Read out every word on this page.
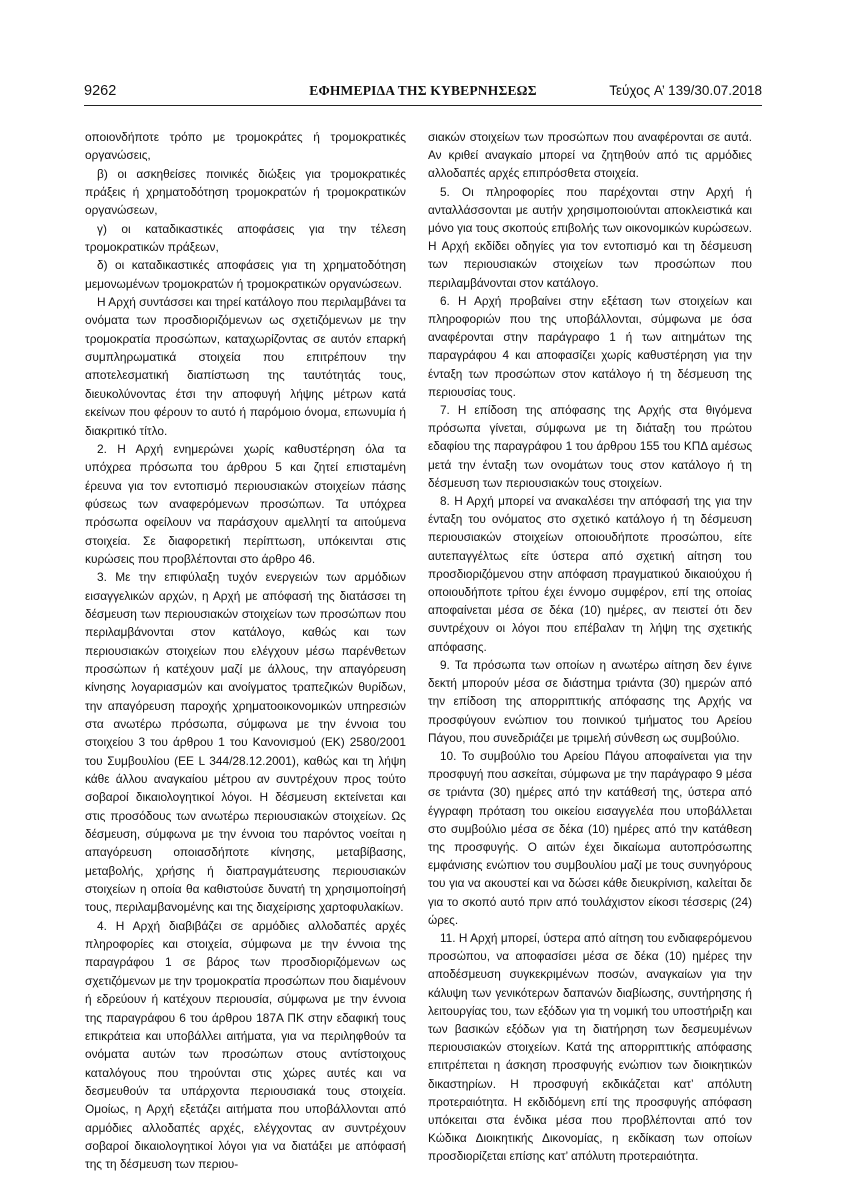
9262	ΕΦΗΜΕΡΙΔΑ ΤΗΣ ΚΥΒΕΡΝΗΣΕΩΣ	Τεύχος A’ 139/30.07.2018

οποιονδήποτε τρόπο με τρομοκράτες ή τρομοκρατικές οργανώσεις,

β) οι ασκηθείσες ποινικές διώξεις για τρομοκρατικές πράξεις ή χρηματοδότηση τρομοκρατών ή τρομοκρατικών οργανώσεων,

γ) οι καταδικαστικές αποφάσεις για την τέλεση τρομοκρατικών πράξεων,

δ) οι καταδικαστικές αποφάσεις για τη χρηματοδότηση μεμονωμένων τρομοκρατών ή τρομοκρατικών οργανώσεων.

Η Αρχή συντάσσει και τηρεί κατάλογο που περιλαμβάνει τα ονόματα των προσδιοριζόμενων ως σχετιζόμενων με την τρομοκρατία προσώπων, καταχωρίζοντας σε αυτόν επαρκή συμπληρωματικά στοιχεία που επιτρέπουν την αποτελεσματική διαπίστωση της ταυτότητάς τους, διευκολύνοντας έτσι την αποφυγή λήψης μέτρων κατά εκείνων που φέρουν το αυτό ή παρόμοιο όνομα, επωνυμία ή διακριτικό τίτλο.

2. Η Αρχή ενημερώνει χωρίς καθυστέρηση όλα τα υπόχρεα πρόσωπα του άρθρου 5 και ζητεί επισταμένη έρευνα για τον εντοπισμό περιουσιακών στοιχείων πάσης φύσεως των αναφερόμενων προσώπων. Τα υπόχρεα πρόσωπα οφείλουν να παράσχουν αμελλητί τα αιτούμενα στοιχεία. Σε διαφορετική περίπτωση, υπόκεινται στις κυρώσεις που προβλέπονται στο άρθρο 46.

3. Με την επιφύλαξη τυχόν ενεργειών των αρμόδιων εισαγγελικών αρχών, η Αρχή με απόφασή της διατάσσει τη δέσμευση των περιουσιακών στοιχείων των προσώπων που περιλαμβάνονται στον κατάλογο, καθώς και των περιουσιακών στοιχείων που ελέγχουν μέσω παρένθετων προσώπων ή κατέχουν μαζί με άλλους, την απαγόρευση κίνησης λογαριασμών και ανοίγματος τραπεζικών θυρίδων, την απαγόρευση παροχής χρηματοοικονομικών υπηρεσιών στα ανωτέρω πρόσωπα, σύμφωνα με την έννοια του στοιχείου 3 του άρθρου 1 του Κανονισμού (ΕΚ) 2580/2001 του Συμβουλίου (ΕΕ L 344/28.12.2001), καθώς και τη λήψη κάθε άλλου αναγκαίου μέτρου αν συντρέχουν προς τούτο σοβαροί δικαιολογητικοί λόγοι. Η δέσμευση εκτείνεται και στις προσόδους των ανωτέρω περιουσιακών στοιχείων. Ως δέσμευση, σύμφωνα με την έννοια του παρόντος νοείται η απαγόρευση οποιασδήποτε κίνησης, μεταβίβασης, μεταβολής, χρήσης ή διαπραγμάτευσης περιουσιακών στοιχείων η οποία θα καθιστούσε δυνατή τη χρησιμοποίησή τους, περιλαμβανομένης και της διαχείρισης χαρτοφυλακίων.

4. Η Αρχή διαβιβάζει σε αρμόδιες αλλοδαπές αρχές πληροφορίες και στοιχεία, σύμφωνα με την έννοια της παραγράφου 1 σε βάρος των προσδιοριζόμενων ως σχετιζόμενων με την τρομοκρατία προσώπων που διαμένουν ή εδρεύουν ή κατέχουν περιουσία, σύμφωνα με την έννοια της παραγράφου 6 του άρθρου 187Α ΠΚ στην εδαφική τους επικράτεια και υποβάλλει αιτήματα, για να περιληφθούν τα ονόματα αυτών των προσώπων στους αντίστοιχους καταλόγους που τηρούνται στις χώρες αυτές και να δεσμευθούν τα υπάρχοντα περιουσιακά τους στοιχεία. Ομοίως, η Αρχή εξετάζει αιτήματα που υποβάλλονται από αρμόδιες αλλοδαπές αρχές, ελέγχοντας αν συντρέχουν σοβαροί δικαιολογητικοί λόγοι για να διατάξει με απόφασή της τη δέσμευση των περιου-

σιακών στοιχείων των προσώπων που αναφέρονται σε αυτά. Αν κριθεί αναγκαίο μπορεί να ζητηθούν από τις αρμόδιες αλλοδαπές αρχές επιπρόσθετα στοιχεία.

5. Οι πληροφορίες που παρέχονται στην Αρχή ή ανταλλάσσονται με αυτήν χρησιμοποιούνται αποκλειστικά και μόνο για τους σκοπούς επιβολής των οικονομικών κυρώσεων. Η Αρχή εκδίδει οδηγίες για τον εντοπισμό και τη δέσμευση των περιουσιακών στοιχείων των προσώπων που περιλαμβάνονται στον κατάλογο.

6. Η Αρχή προβαίνει στην εξέταση των στοιχείων και πληροφοριών που της υποβάλλονται, σύμφωνα με όσα αναφέρονται στην παράγραφο 1 ή των αιτημάτων της παραγράφου 4 και αποφασίζει χωρίς καθυστέρηση για την ένταξη των προσώπων στον κατάλογο ή τη δέσμευση της περιουσίας τους.

7. Η επίδοση της απόφασης της Αρχής στα θιγόμενα πρόσωπα γίνεται, σύμφωνα με τη διάταξη του πρώτου εδαφίου της παραγράφου 1 του άρθρου 155 του ΚΠΔ αμέσως μετά την ένταξη των ονομάτων τους στον κατάλογο ή τη δέσμευση των περιουσιακών τους στοιχείων.

8. Η Αρχή μπορεί να ανακαλέσει την απόφασή της για την ένταξη του ονόματος στο σχετικό κατάλογο ή τη δέσμευση περιουσιακών στοιχείων οποιουδήποτε προσώπου, είτε αυτεπαγγέλτως είτε ύστερα από σχετική αίτηση του προσδιοριζόμενου στην απόφαση πραγματικού δικαιούχου ή οποιουδήποτε τρίτου έχει έννομο συμφέρον, επί της οποίας αποφαίνεται μέσα σε δέκα (10) ημέρες, αν πειστεί ότι δεν συντρέχουν οι λόγοι που επέβαλαν τη λήψη της σχετικής απόφασης.

9. Τα πρόσωπα των οποίων η ανωτέρω αίτηση δεν έγινε δεκτή μπορούν μέσα σε διάστημα τριάντα (30) ημερών από την επίδοση της απορριπτικής απόφασης της Αρχής να προσφύγουν ενώπιον του ποινικού τμήματος του Αρείου Πάγου, που συνεδριάζει με τριμελή σύνθεση ως συμβούλιο.

10. Το συμβούλιο του Αρείου Πάγου αποφαίνεται για την προσφυγή που ασκείται, σύμφωνα με την παράγραφο 9 μέσα σε τριάντα (30) ημέρες από την κατάθεσή της, ύστερα από έγγραφη πρόταση του οικείου εισαγγελέα που υποβάλλεται στο συμβούλιο μέσα σε δέκα (10) ημέρες από την κατάθεση της προσφυγής. Ο αιτών έχει δικαίωμα αυτοπρόσωπης εμφάνισης ενώπιον του συμβουλίου μαζί με τους συνηγόρους του για να ακουστεί και να δώσει κάθε διευκρίνιση, καλείται δε για το σκοπό αυτό πριν από τουλάχιστον είκοσι τέσσερις (24) ώρες.

11. Η Αρχή μπορεί, ύστερα από αίτηση του ενδιαφερόμενου προσώπου, να αποφασίσει μέσα σε δέκα (10) ημέρες την αποδέσμευση συγκεκριμένων ποσών, αναγκαίων για την κάλυψη των γενικότερων δαπανών διαβίωσης, συντήρησης ή λειτουργίας του, των εξόδων για τη νομική του υποστήριξη και των βασικών εξόδων για τη διατήρηση των δεσμευμένων περιουσιακών στοιχείων. Κατά της απορριπτικής απόφασης επιτρέπεται η άσκηση προσφυγής ενώπιον των διοικητικών δικαστηρίων. Η προσφυγή εκδικάζεται κατ’ απόλυτη προτεραιότητα. Η εκδιδόμενη επί της προσφυγής απόφαση υπόκειται στα ένδικα μέσα που προβλέπονται από τον Κώδικα Διοικητικής Δικονομίας, η εκδίκαση των οποίων προσδιορίζεται επίσης κατ’ απόλυτη προτεραιότητα.
